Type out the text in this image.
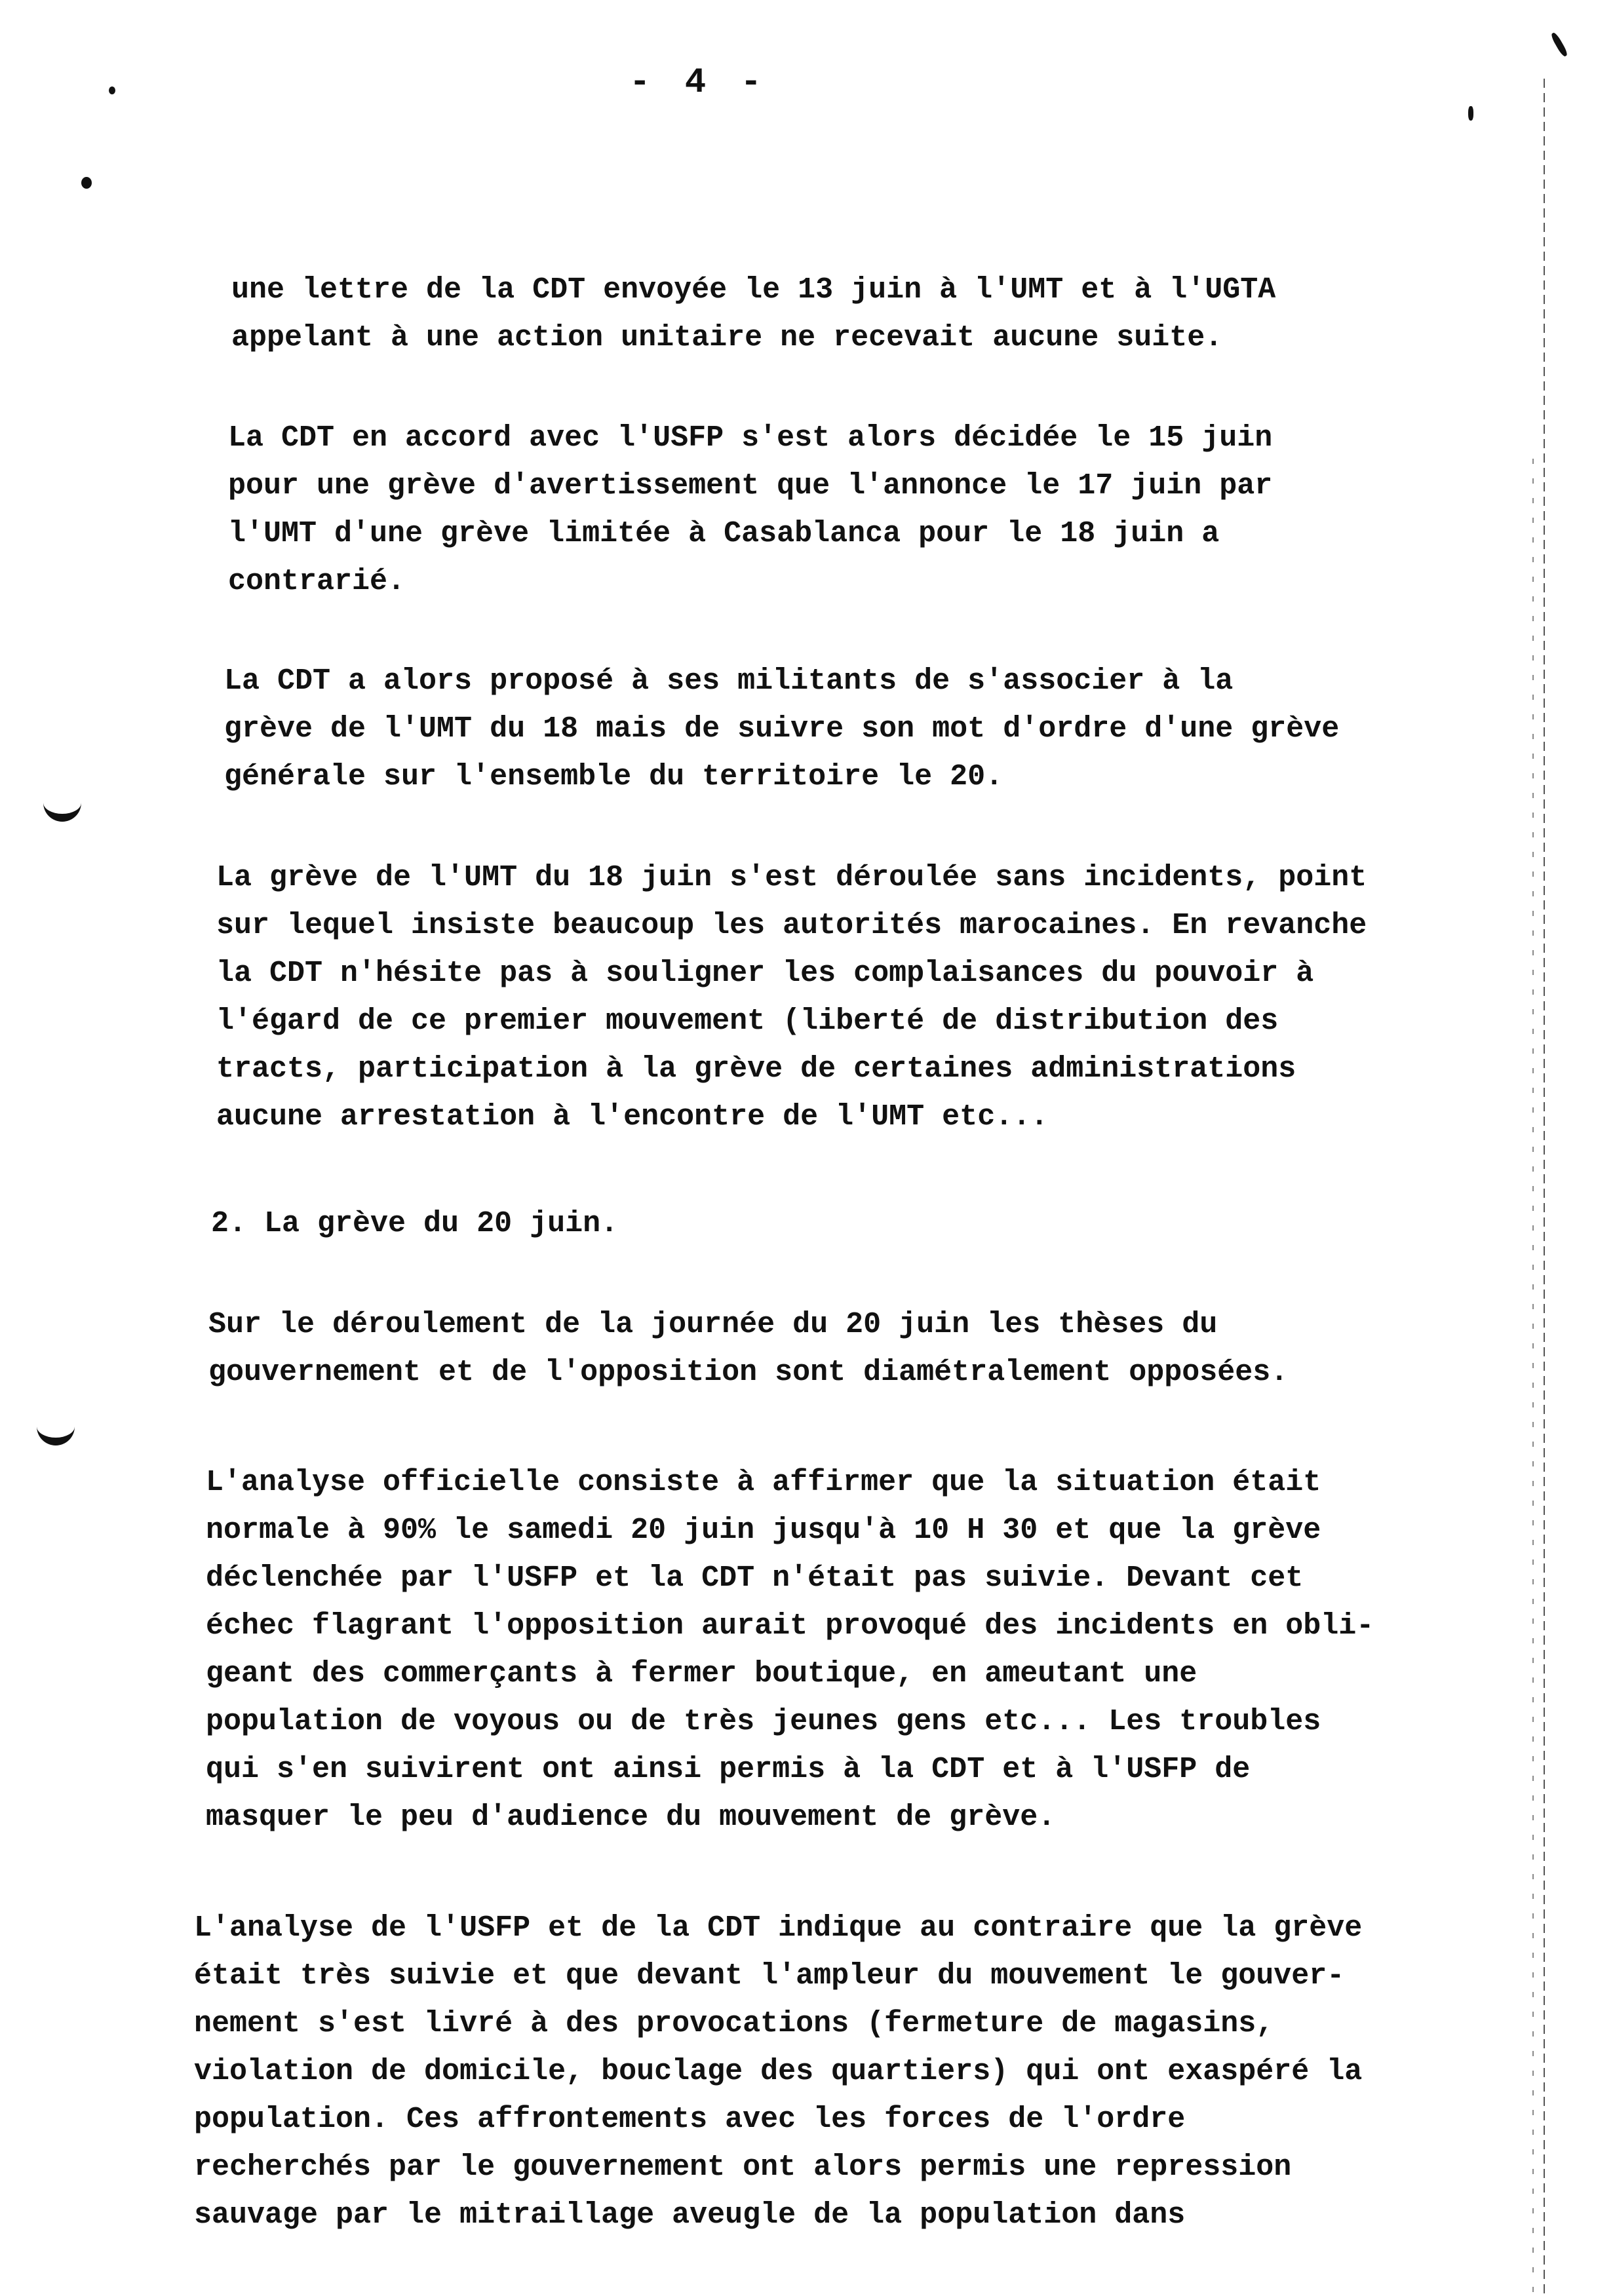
- 4 -

une lettre de la CDT envoyée le 13 juin à l'UMT et à l'UGTA
appelant à une action unitaire ne recevait aucune suite.

La CDT en accord avec l'USFP s'est alors décidée le 15 juin
pour une grève d'avertissement que l'annonce le 17 juin par
l'UMT d'une grève limitée à Casablanca pour le 18 juin a
contrarié.

La CDT a alors proposé à ses militants de s'associer à la
grève de l'UMT du 18 mais de suivre son mot d'ordre d'une grève
générale sur l'ensemble du territoire le 20.

La grève de l'UMT du 18 juin s'est déroulée sans incidents, point
sur lequel insiste beaucoup les autorités marocaines. En revanche
la CDT n'hésite pas à souligner les complaisances du pouvoir à
l'égard de ce premier mouvement (liberté de distribution des
tracts, participation à la grève de certaines administrations
aucune arrestation à l'encontre de l'UMT etc...

2. La grève du 20 juin.

Sur le déroulement de la journée du 20 juin les thèses du
gouvernement et de l'opposition sont diamétralement opposées.

L'analyse officielle consiste à affirmer que la situation était
normale à 90% le samedi 20 juin jusqu'à 10 H 30 et que la grève
déclenchée par l'USFP et la CDT n'était pas suivie. Devant cet
échec flagrant l'opposition aurait provoqué des incidents en obli-
geant des commerçants à fermer boutique, en ameutant une
population de voyous ou de très jeunes gens etc... Les troubles
qui s'en suivirent ont ainsi permis à la CDT et à l'USFP de
masquer le peu d'audience du mouvement de grève.

L'analyse de l'USFP et de la CDT indique au contraire que la grève
était très suivie et que devant l'ampleur du mouvement le gouver-
nement s'est livré à des provocations (fermeture de magasins,
violation de domicile, bouclage des quartiers) qui ont exaspéré la
population. Ces affrontements avec les forces de l'ordre
recherchés par le gouvernement ont alors permis une repression
sauvage par le mitraillage aveugle de la population dans
